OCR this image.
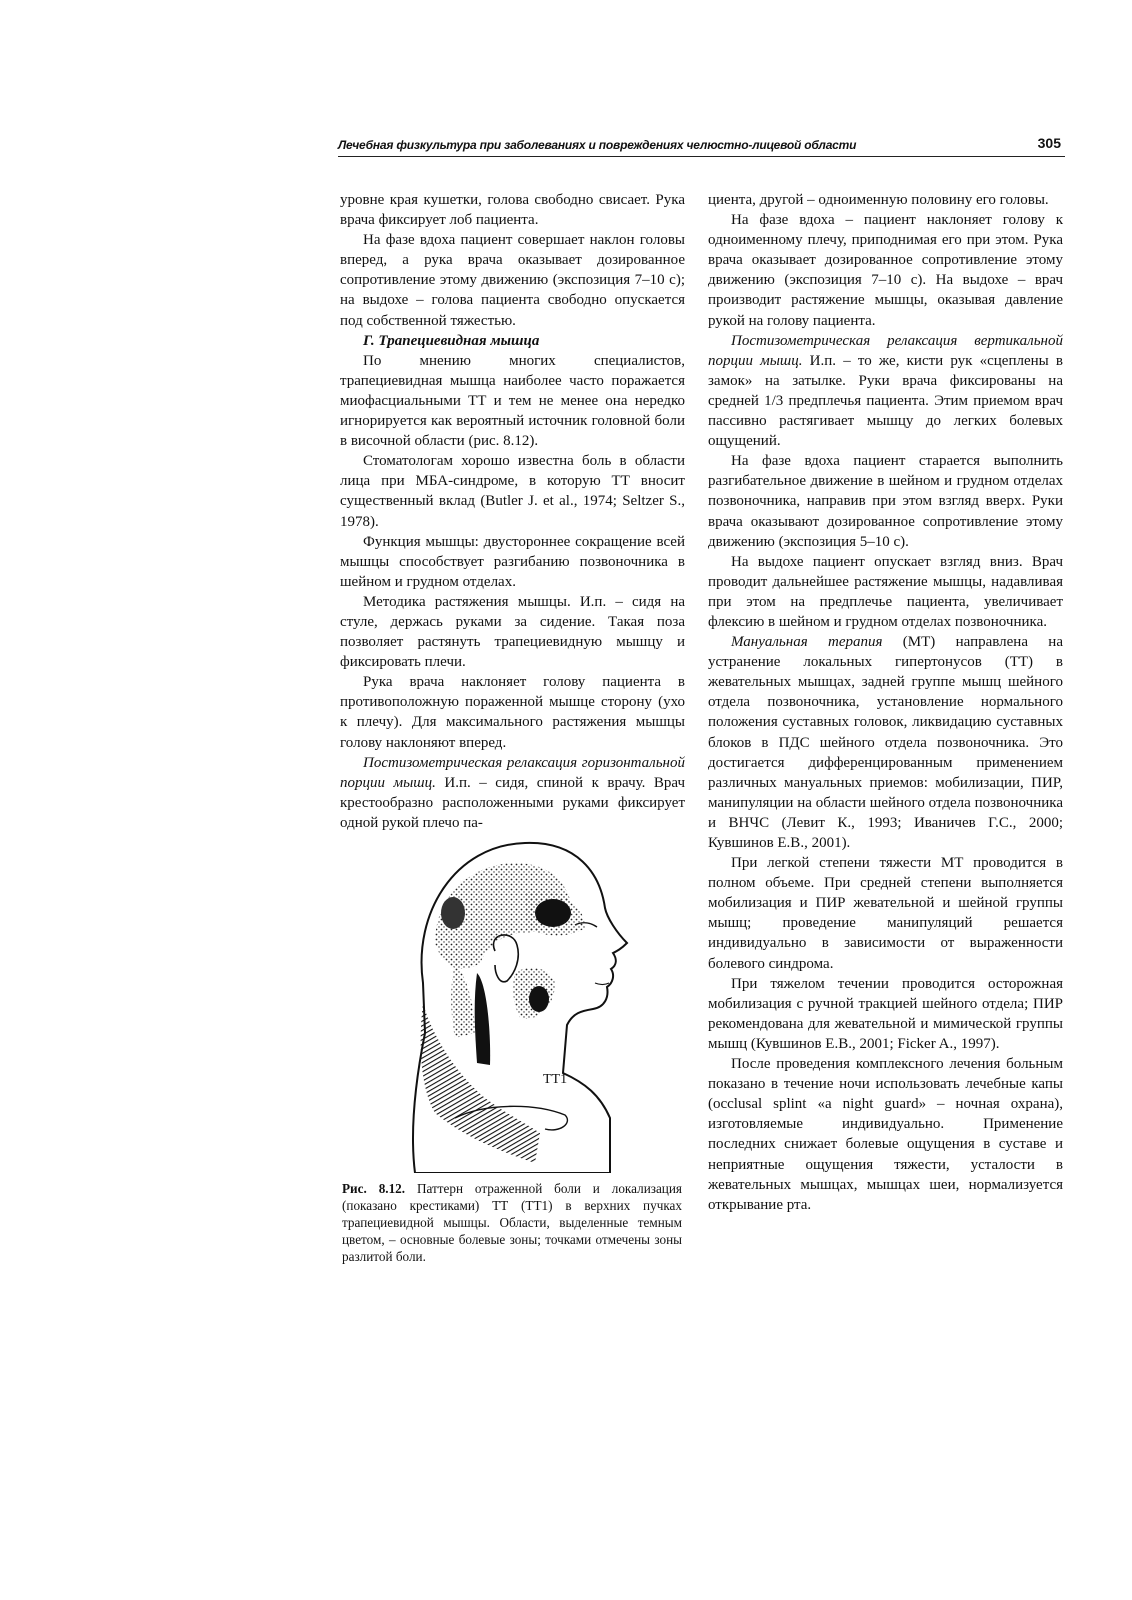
Лечебная физкультура при заболеваниях и повреждениях челюстно-лицевой области	305

уровне края кушетки, голова свободно свисает. Рука врача фиксирует лоб пациента.

На фазе вдоха пациент совершает наклон головы вперед, а рука врача оказывает дозированное сопротивление этому движению (экспозиция 7–10 с); на выдохе – голова пациента свободно опускается под собственной тяжестью.

Г. Трапециевидная мышца

По мнению многих специалистов, трапециевидная мышца наиболее часто поражается миофасциальными ТТ и тем не менее она нередко игнорируется как вероятный источник головной боли в височной области (рис. 8.12).

Стоматологам хорошо известна боль в области лица при МБА-синдроме, в которую ТТ вносит существенный вклад (Butler J. et al., 1974; Seltzer S., 1978).

Функция мышцы: двустороннее сокращение всей мышцы способствует разгибанию позвоночника в шейном и грудном отделах.

Методика растяжения мышцы. И.п. – сидя на стуле, держась руками за сидение. Такая поза позволяет растянуть трапециевидную мышцу и фиксировать плечи.

Рука врача наклоняет голову пациента в противоположную пораженной мышце сторону (ухо к плечу). Для максимального растяжения мышцы голову наклоняют вперед.

Постизометрическая релаксация горизонтальной порции мышц. И.п. – сидя, спиной к врачу. Врач крестообразно расположенными руками фиксирует одной рукой плечо па-

TT1
Рис. 8.12. Паттерн отраженной боли и локализация (показано крестиками) ТТ (ТТ1) в верхних пучках трапециевидной мышцы. Области, выделенные темным цветом, – основные болевые зоны; точками отмечены зоны разлитой боли.

циента, другой – одноименную половину его головы.

На фазе вдоха – пациент наклоняет голову к одноименному плечу, приподнимая его при этом. Рука врача оказывает дозированное сопротивление этому движению (экспозиция 7–10 с). На выдохе – врач производит растяжение мышцы, оказывая давление рукой на голову пациента.

Постизометрическая релаксация вертикальной порции мышц. И.п. – то же, кисти рук «сцеплены в замок» на затылке. Руки врача фиксированы на средней 1/3 предплечья пациента. Этим приемом врач пассивно растягивает мышцу до легких болевых ощущений.

На фазе вдоха пациент старается выполнить разгибательное движение в шейном и грудном отделах позвоночника, направив при этом взгляд вверх. Руки врача оказывают дозированное сопротивление этому движению (экспозиция 5–10 с).

На выдохе пациент опускает взгляд вниз. Врач проводит дальнейшее растяжение мышцы, надавливая при этом на предплечье пациента, увеличивает флексию в шейном и грудном отделах позвоночника.

Мануальная терапия (МТ) направлена на устранение локальных гипертонусов (ТТ) в жевательных мышцах, задней группе мышц шейного отдела позвоночника, установление нормального положения суставных головок, ликвидацию суставных блоков в ПДС шейного отдела позвоночника. Это достигается дифференцированным применением различных мануальных приемов: мобилизации, ПИР, манипуляции на области шейного отдела позвоночника и ВНЧС (Левит К., 1993; Иваничев Г.С., 2000; Кувшинов Е.В., 2001).

При легкой степени тяжести МТ проводится в полном объеме. При средней степени выполняется мобилизация и ПИР жевательной и шейной группы мышц; проведение манипуляций решается индивидуально в зависимости от выраженности болевого синдрома.

При тяжелом течении проводится осторожная мобилизация с ручной тракцией шейного отдела; ПИР рекомендована для жевательной и мимической группы мышц (Кувшинов Е.В., 2001; Ficker A., 1997).

После проведения комплексного лечения больным показано в течение ночи использовать лечебные капы (occlusal splint «a night guard» – ночная охрана), изготовляемые индивидуально. Применение последних снижает болевые ощущения в суставе и неприятные ощущения тяжести, усталости в жевательных мышцах, мышцах шеи, нормализуется открывание рта.
